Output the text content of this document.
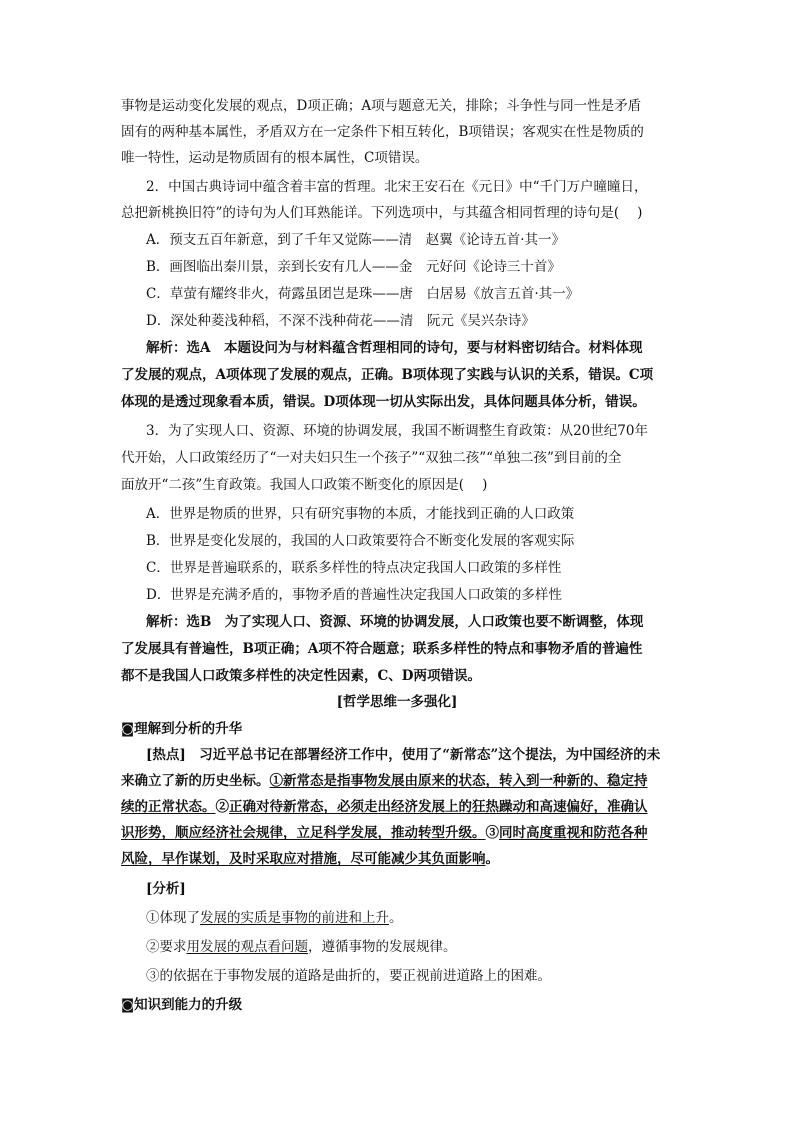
事物是运动变化发展的观点，D项正确；A项与题意无关，排除；斗争性与同一性是矛盾
固有的两种基本属性，矛盾双方在一定条件下相互转化，B项错误；客观实在性是物质的
唯一特性，运动是物质固有的根本属性，C项错误。
2．中国古典诗词中蕴含着丰富的哲理。北宋王安石在《元日》中“千门万户曈曈日，
总把新桃换旧符”的诗句为人们耳熟能详。下列选项中，与其蕴含相同哲理的诗句是( )
A．预支五百年新意，到了千年又觉陈——清　赵翼《论诗五首·其一》
B．画图临出秦川景，亲到长安有几人——金　元好问《论诗三十首》
C．草萤有耀终非火，荷露虽团岂是珠——唐　白居易《放言五首·其一》
D．深处种菱浅种稻，不深不浅种荷花——清　阮元《吴兴杂诗》
解析：选A　本题设问为与材料蕴含哲理相同的诗句，要与材料密切结合。材料体现
了发展的观点，A项体现了发展的观点，正确。B项体现了实践与认识的关系，错误。C项
体现的是透过现象看本质，错误。D项体现一切从实际出发，具体问题具体分析，错误。
3．为了实现人口、资源、环境的协调发展，我国不断调整生育政策：从20世纪70年
代开始，人口政策经历了“一对夫妇只生一个孩子”“双独二孩”“单独二孩”到目前的全
面放开“二孩”生育政策。我国人口政策不断变化的原因是( )
A．世界是物质的世界，只有研究事物的本质，才能找到正确的人口政策
B．世界是变化发展的，我国的人口政策要符合不断变化发展的客观实际
C．世界是普遍联系的，联系多样性的特点决定我国人口政策的多样性
D．世界是充满矛盾的，事物矛盾的普遍性决定我国人口政策的多样性
解析：选B　为了实现人口、资源、环境的协调发展，人口政策也要不断调整，体现
了发展具有普遍性，B项正确；A项不符合题意；联系多样性的特点和事物矛盾的普遍性
都不是我国人口政策多样性的决定性因素，C、D两项错误。
[哲学思维一多强化]
◙理解到分析的升华
[热点]　习近平总书记在部署经济工作中，使用了“新常态”这个提法，为中国经济的未
来确立了新的历史坐标。①新常态是指事物发展由原来的状态，转入到一种新的、稳定持
续的正常状态。②正确对待新常态，必须走出经济发展上的狂热躁动和高速偏好，准确认
识形势，顺应经济社会规律，立足科学发展，推动转型升级。③同时高度重视和防范各种
风险，早作谋划，及时采取应对措施，尽可能减少其负面影响。
[分析]
①体现了发展的实质是事物的前进和上升。
②要求用发展的观点看问题，遵循事物的发展规律。
③的依据在于事物发展的道路是曲折的，要正视前进道路上的困难。
◙知识到能力的升级
